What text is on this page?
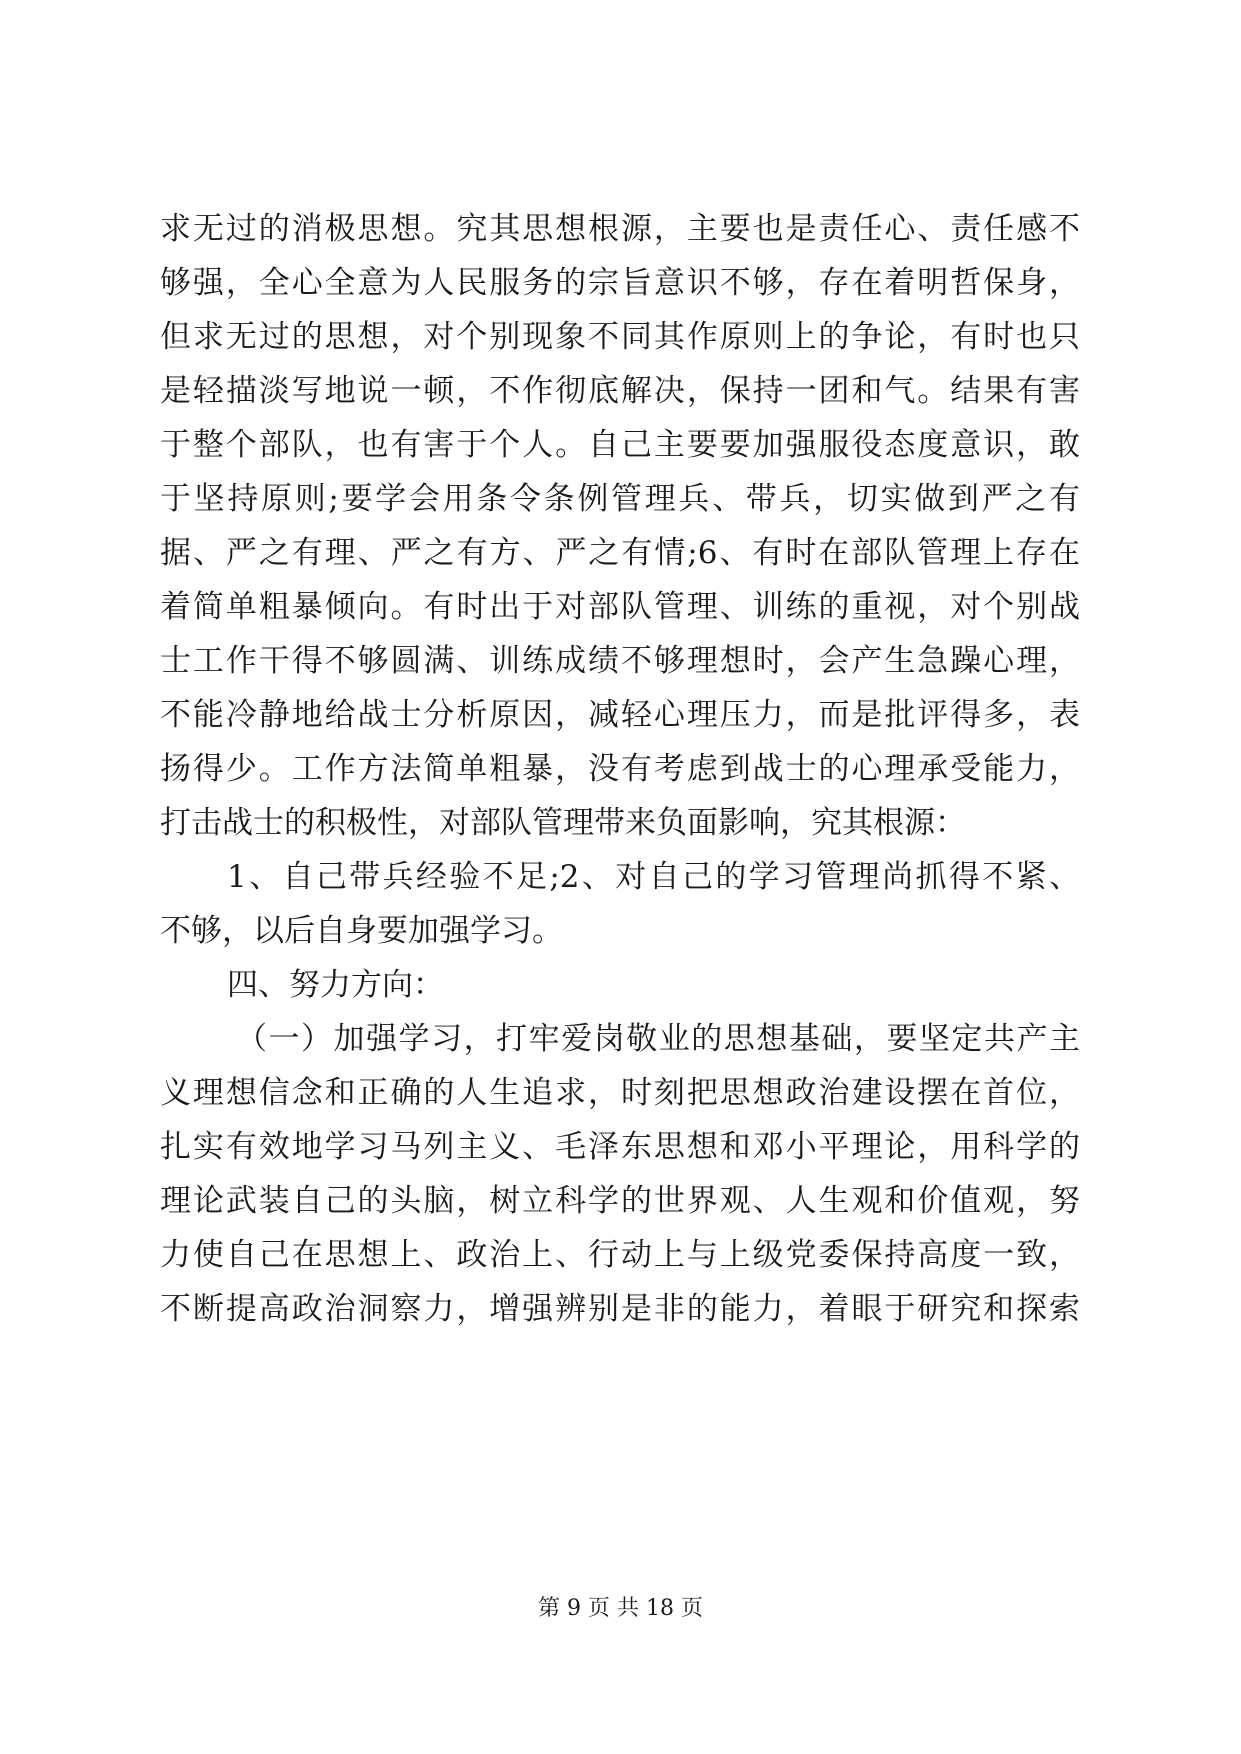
求无过的消极思想。究其思想根源，主要也是责任心、责任感不
够强，全心全意为人民服务的宗旨意识不够，存在着明哲保身，
但求无过的思想，对个别现象不同其作原则上的争论，有时也只
是轻描淡写地说一顿，不作彻底解决，保持一团和气。结果有害
于整个部队，也有害于个人。自己主要要加强服役态度意识，敢
于坚持原则;要学会用条令条例管理兵、带兵，切实做到严之有
据、严之有理、严之有方、严之有情;6、有时在部队管理上存在
着简单粗暴倾向。有时出于对部队管理、训练的重视，对个别战
士工作干得不够圆满、训练成绩不够理想时，会产生急躁心理，
不能冷静地给战士分析原因，减轻心理压力，而是批评得多，表
扬得少。工作方法简单粗暴，没有考虑到战士的心理承受能力，
打击战士的积极性，对部队管理带来负面影响，究其根源：
1、自己带兵经验不足;2、对自己的学习管理尚抓得不紧、
不够，以后自身要加强学习。
四、努力方向：
（一）加强学习，打牢爱岗敬业的思想基础，要坚定共产主
义理想信念和正确的人生追求，时刻把思想政治建设摆在首位，
扎实有效地学习马列主义、毛泽东思想和邓小平理论，用科学的
理论武装自己的头脑，树立科学的世界观、人生观和价值观，努
力使自己在思想上、政治上、行动上与上级党委保持高度一致，
不断提高政治洞察力，增强辨别是非的能力，着眼于研究和探索
第 9 页 共 18 页
